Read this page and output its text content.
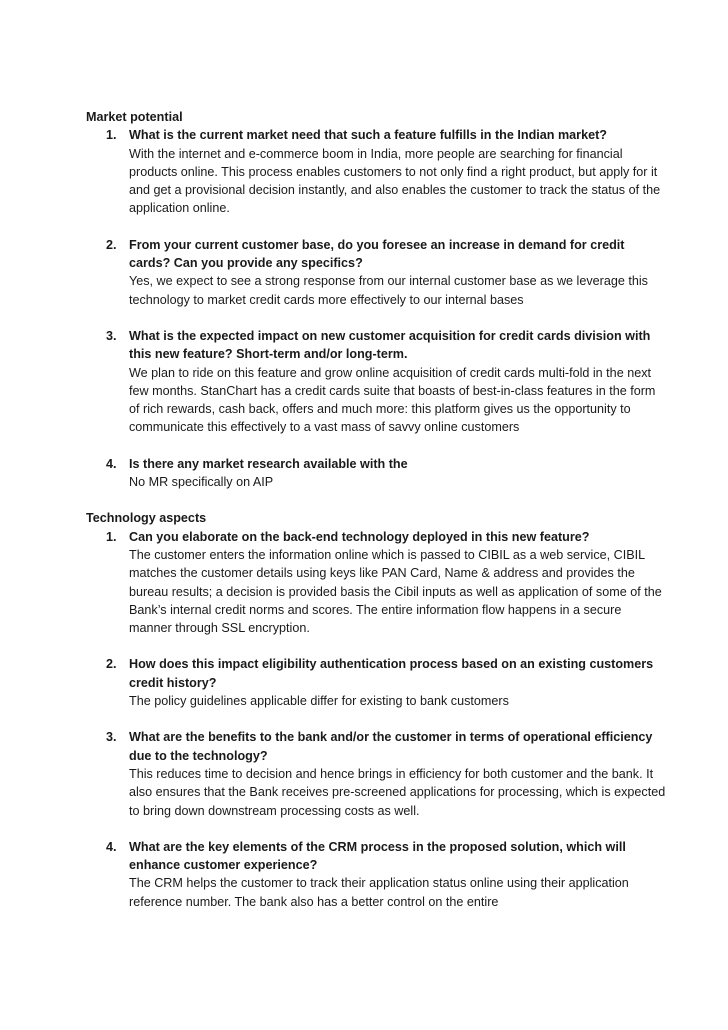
Market potential

1. What is the current market need that such a feature fulfills in the Indian market?

With the internet and e-commerce boom in India, more people are searching for financial products online. This process enables customers to not only find a right product, but apply for it and get a provisional decision instantly, and also enables the customer to track the status of the application online.

2. From your current customer base, do you foresee an increase in demand for credit cards? Can you provide any specifics?

Yes, we expect to see a strong response from our internal customer base as we leverage this technology to market credit cards more effectively to our internal bases

3. What is the expected impact on new customer acquisition for credit cards division with this new feature? Short-term and/or long-term.

We plan to ride on this feature and grow online acquisition of credit cards multi-fold in the next few months. StanChart has a credit cards suite that boasts of best-in-class features in the form of rich rewards, cash back, offers and much more: this platform gives us the opportunity to communicate this effectively to a vast mass of savvy online customers

4. Is there any market research available with the

No MR specifically on AIP

Technology aspects

1. Can you elaborate on the back-end technology deployed in this new feature?

The customer enters the information online which is passed to CIBIL as a web service, CIBIL matches the customer details using keys like PAN Card, Name & address and provides the bureau results; a decision is provided basis the Cibil inputs as well as application of some of the Bank’s internal credit norms and scores. The entire information flow happens in a secure manner through SSL encryption.

2. How does this impact eligibility authentication process based on an existing customers credit history?

The policy guidelines applicable differ for existing to bank customers

3. What are the benefits to the bank and/or the customer in terms of operational efficiency due to the technology?

This reduces time to decision and hence brings in efficiency for both customer and the bank. It also ensures that the Bank receives pre-screened applications for processing, which is expected to bring down downstream processing costs as well.

4. What are the key elements of the CRM process in the proposed solution, which will enhance customer experience?

The CRM helps the customer to track their application status online using their application reference number. The bank also has a better control on the entire
